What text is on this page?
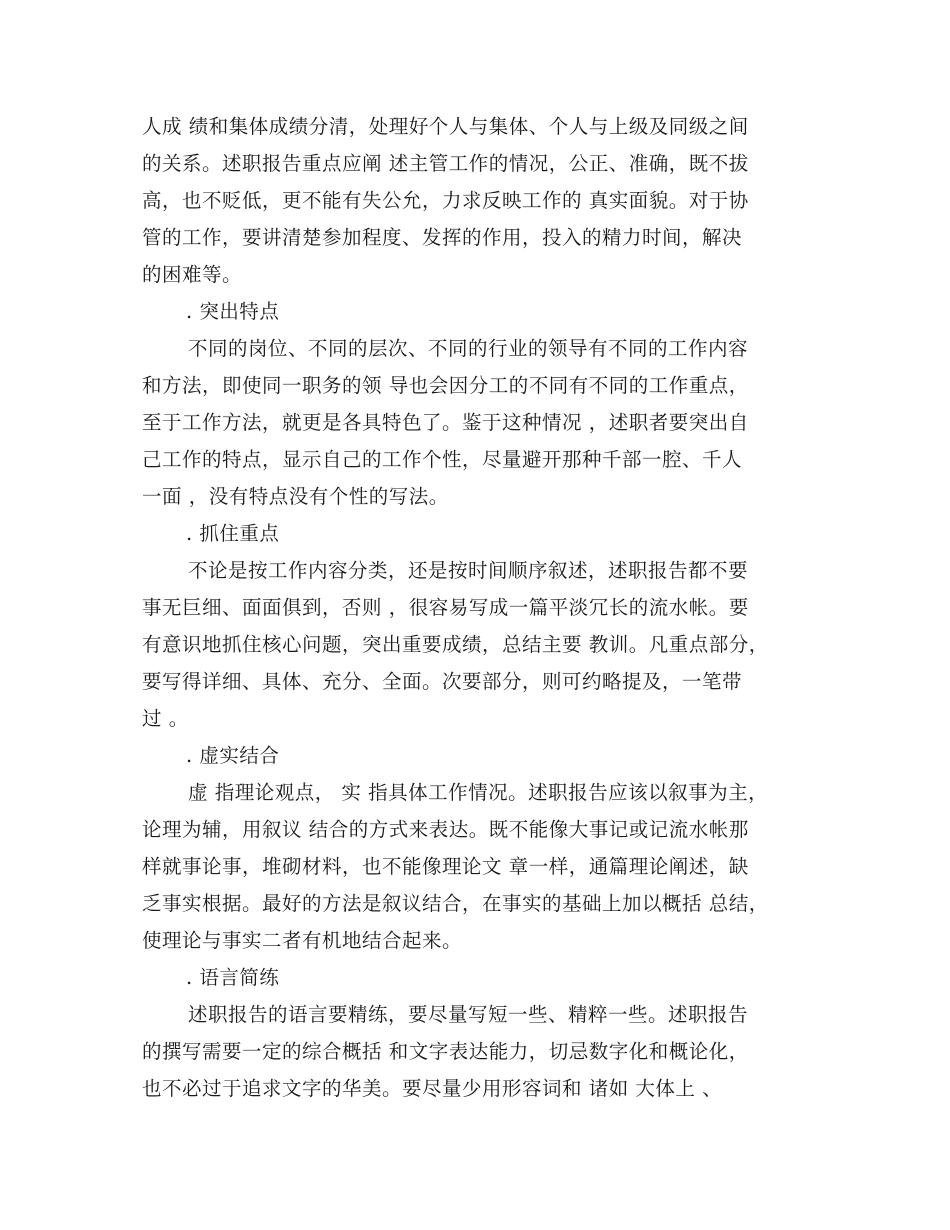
人成 绩和集体成绩分清，处理好个人与集体、个人与上级及同级之间
的关系。述职报告重点应阐 述主管工作的情况，公正、准确，既不拔
高，也不贬低，更不能有失公允，力求反映工作的 真实面貌。对于协
管的工作，要讲清楚参加程度、发挥的作用，投入的精力时间，解决
的困难等。
. 突出特点
不同的岗位、不同的层次、不同的行业的领导有不同的工作内容
和方法，即使同一职务的领 导也会因分工的不同有不同的工作重点，
至于工作方法，就更是各具特色了。鉴于这种情况 ，述职者要突出自
己工作的特点，显示自己的工作个性，尽量避开那种千部一腔、千人
一面 ，没有特点没有个性的写法。
. 抓住重点
不论是按工作内容分类，还是按时间顺序叙述，述职报告都不要
事无巨细、面面俱到，否则 ，很容易写成一篇平淡冗长的流水帐。要
有意识地抓住核心问题，突出重要成绩，总结主要 教训。凡重点部分，
要写得详细、具体、充分、全面。次要部分，则可约略提及，一笔带
过 。
. 虚实结合
虚 指理论观点， 实 指具体工作情况。述职报告应该以叙事为主，
论理为辅，用叙议 结合的方式来表达。既不能像大事记或记流水帐那
样就事论事，堆砌材料，也不能像理论文 章一样，通篇理论阐述，缺
乏事实根据。最好的方法是叙议结合，在事实的基础上加以概括 总结，
使理论与事实二者有机地结合起来。
. 语言简练
述职报告的语言要精练，要尽量写短一些、精粹一些。述职报告
的撰写需要一定的综合概括 和文字表达能力，切忌数字化和概论化，
也不必过于追求文字的华美。要尽量少用形容词和 诸如 大体上 、
